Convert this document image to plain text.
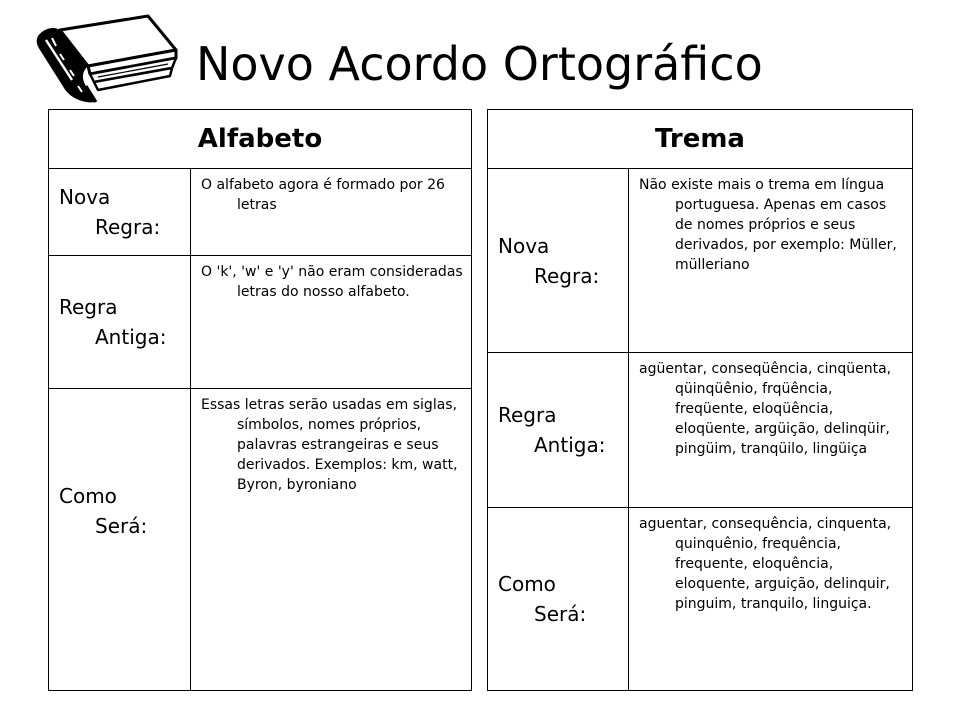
Novo Acordo Ortográfico
Alfabeto
Nova
Regra:
O alfabeto agora é formado por 26 letras
Regra
Antiga:
O 'k', 'w' e 'y' não eram consideradas letras do nosso alfabeto.
Como
Será:
Essas letras serão usadas em siglas, símbolos, nomes próprios, palavras estrangeiras e seus derivados. Exemplos: km, watt, Byron, byroniano
Trema
Nova
Regra:
Não existe mais o trema em língua portuguesa. Apenas em casos de nomes próprios e seus derivados, por exemplo: Müller, mülleriano
Regra
Antiga:
agüentar, conseqüência, cinqüenta, qüinqüênio, frqüência, freqüente, eloqüência, eloqüente, argüição, delinqüir, pingüim, tranqüilo, lingüiça
Como
Será:
aguentar, consequência, cinquenta, quinquênio, frequência, frequente, eloquência, eloquente, arguição, delinquir, pinguim, tranquilo, linguiça.
